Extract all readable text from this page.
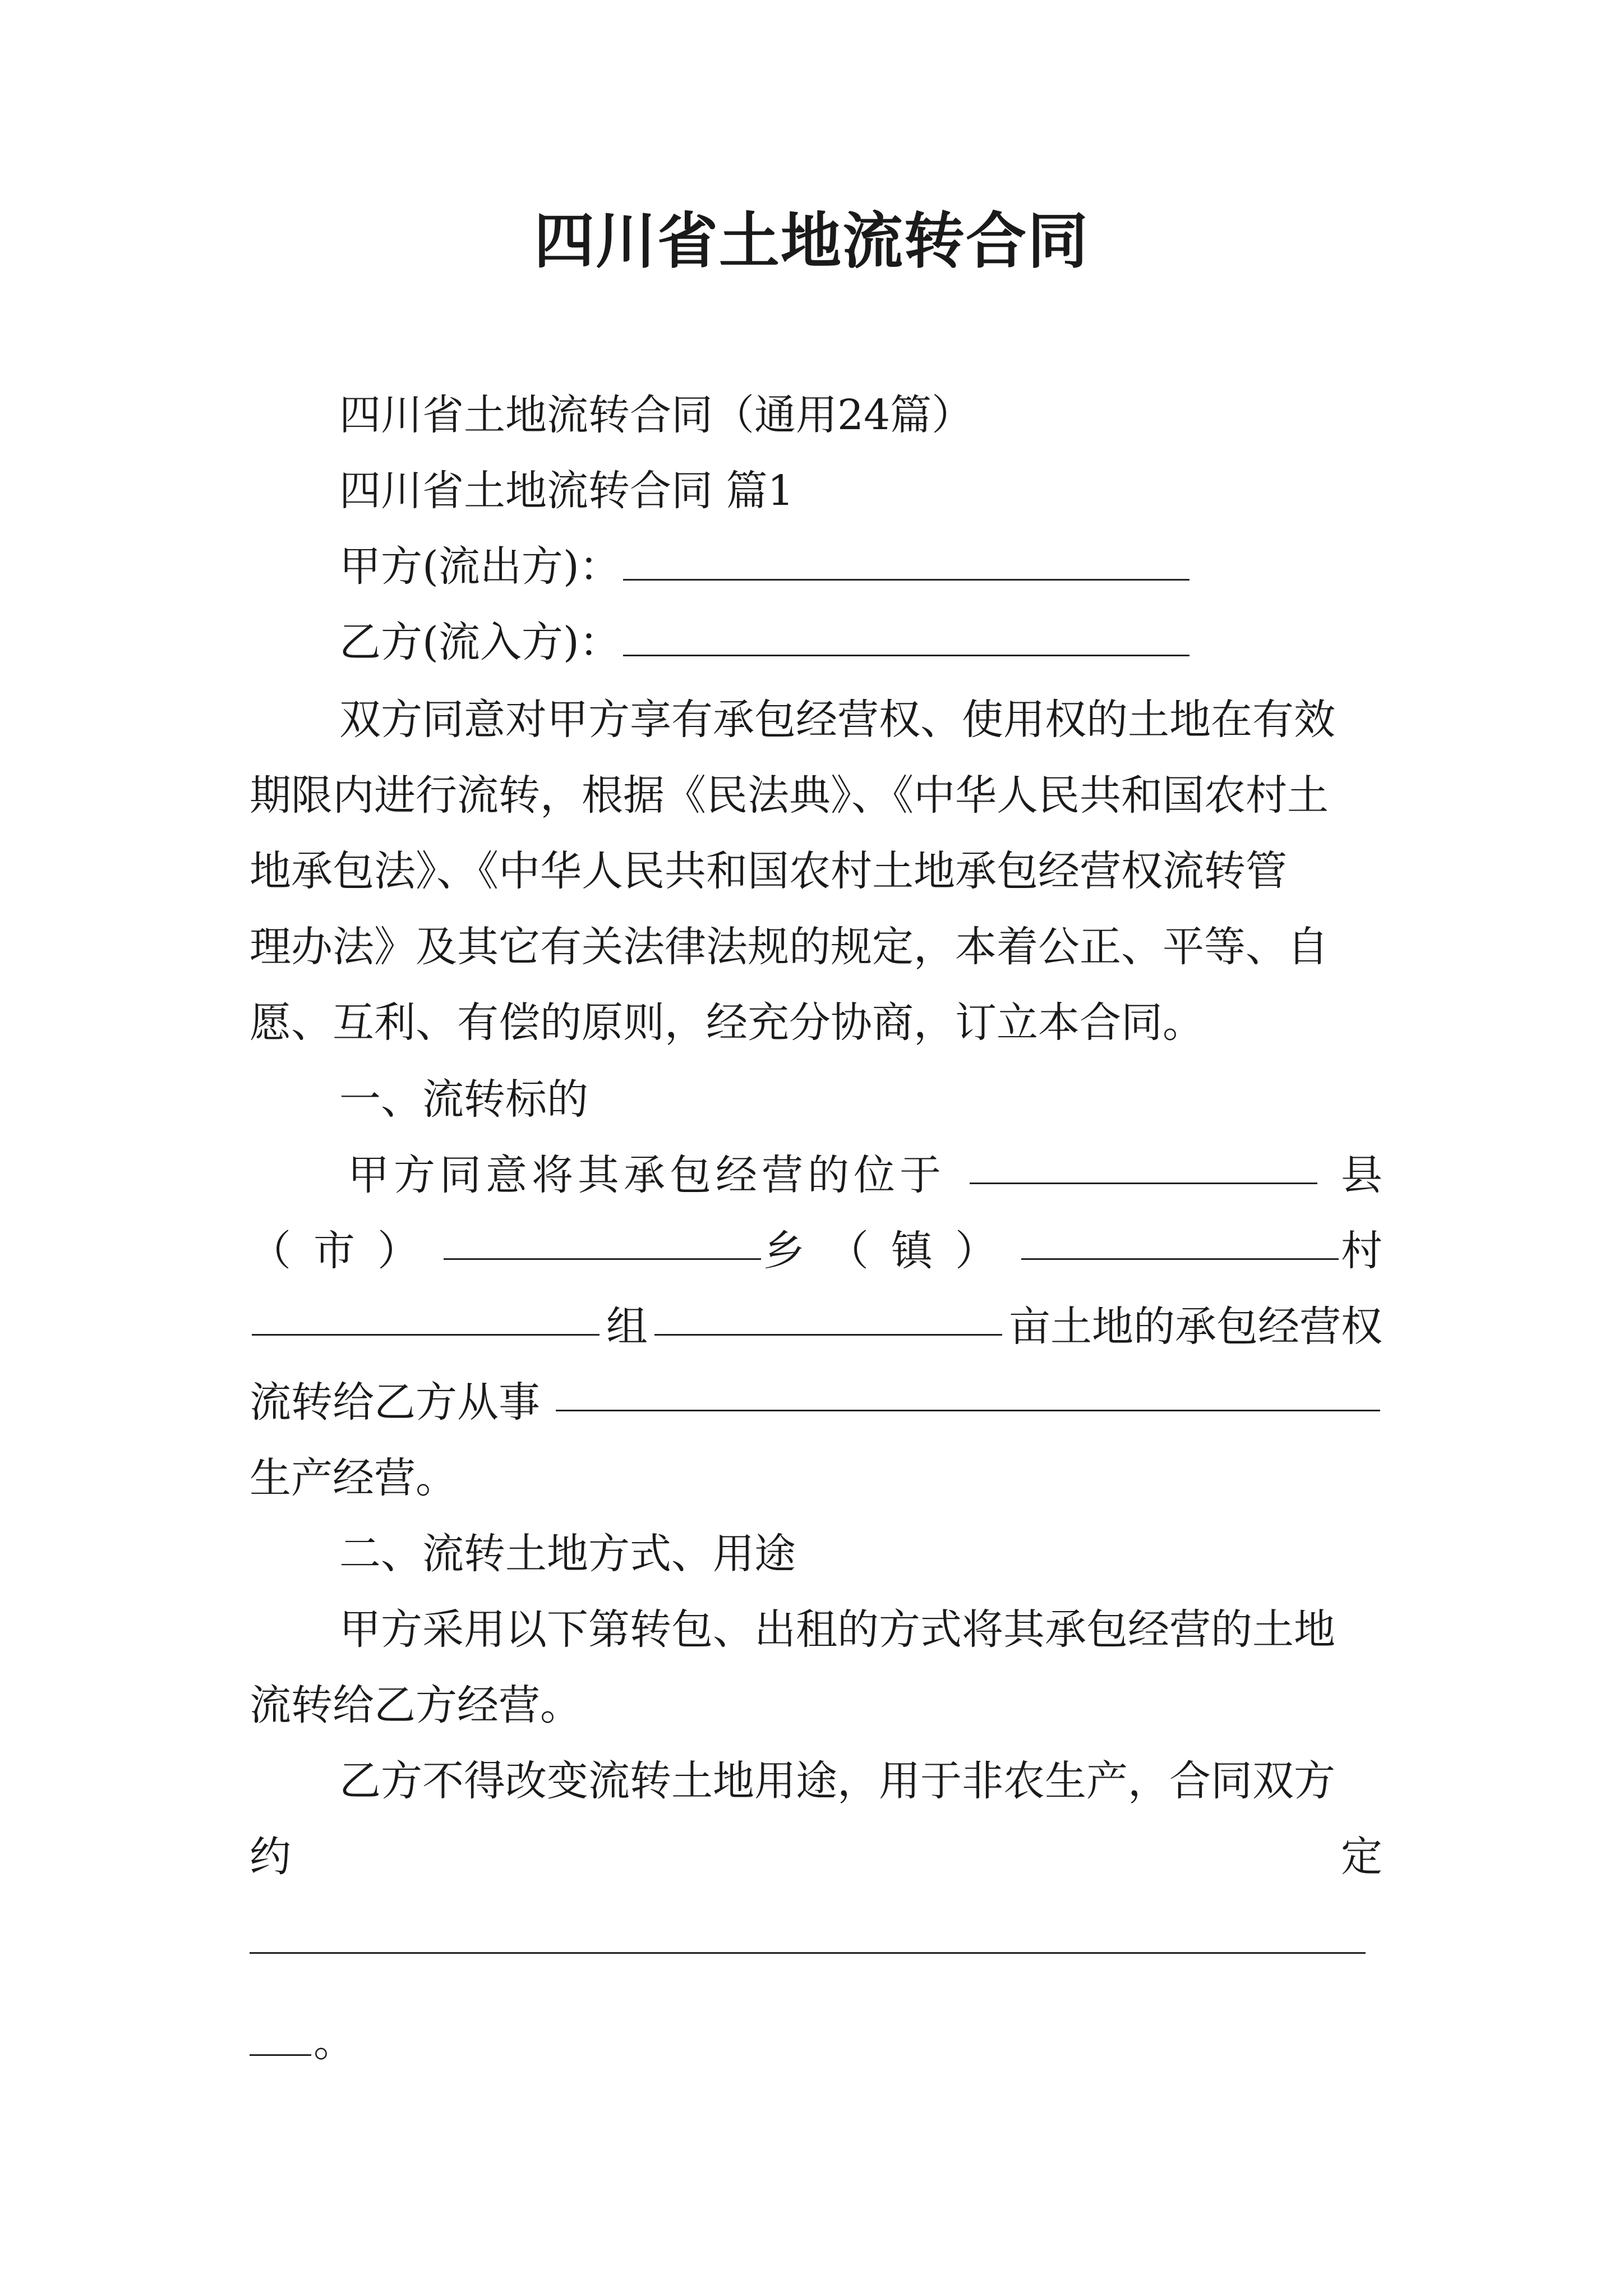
四川省土地流转合同
四川省土地流转合同（通用24篇）
四川省土地流转合同 篇1
甲方(流出方)：
乙方(流入方)：
双方同意对甲方享有承包经营权、使用权的土地在有效
期限内进行流转，根据《民法典》、《中华人民共和国农村土
地承包法》、《中华人民共和国农村土地承包经营权流转管
理办法》及其它有关法律法规的规定，本着公正、平等、自
愿、互利、有偿的原则，经充分协商，订立本合同。
一、流转标的
甲方同意将其承包经营的位于	县
（市）	乡（镇）	村
组	亩土地的承包经营权
流转给乙方从事
生产经营。
二、流转土地方式、用途
甲方采用以下第转包、出租的方式将其承包经营的土地
流转给乙方经营。
乙方不得改变流转土地用途，用于非农生产，合同双方
约	定
。
